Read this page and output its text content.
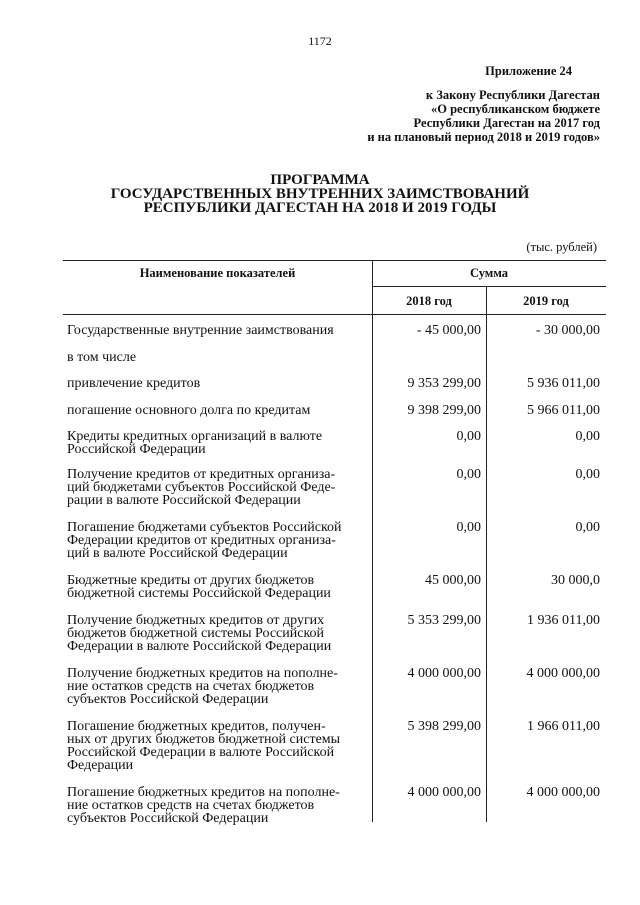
1172
Приложение 24
к Закону Республики Дагестан
«О республиканском бюджете
Республики Дагестан на 2017 год
и на плановый период 2018 и 2019 годов»
ПРОГРАММА
ГОСУДАРСТВЕННЫХ ВНУТРЕННИХ ЗАИМСТВОВАНИЙ
РЕСПУБЛИКИ ДАГЕСТАН НА 2018 И 2019 ГОДЫ
(тыс. рублей)
Наименование показателей	Сумма
2018 год	2019 год
Государственные внутренние заимствования	- 45 000,00	- 30 000,00
в том числе
привлечение кредитов	9 353 299,00	5 936 011,00
погашение основного долга по кредитам	9 398 299,00	5 966 011,00
Кредиты кредитных организаций в валюте
Российской Федерации
0,00	0,00
Получение кредитов от кредитных организа-
ций бюджетами субъектов Российской Феде-
рации в валюте Российской Федерации
0,00	0,00
Погашение бюджетами субъектов Российской
Федерации кредитов от кредитных организа-
ций в валюте Российской Федерации
0,00	0,00
Бюджетные кредиты от других бюджетов
бюджетной системы Российской Федерации
45 000,00	30 000,0
Получение бюджетных кредитов от других
бюджетов бюджетной системы Российской
Федерации в валюте Российской Федерации
5 353 299,00	1 936 011,00
Получение бюджетных кредитов на пополне-
ние остатков средств на счетах бюджетов
субъектов Российской Федерации
4 000 000,00	4 000 000,00
Погашение бюджетных кредитов, получен-
ных от других бюджетов бюджетной системы
Российской Федерации в валюте Российской
Федерации
5 398 299,00	1 966 011,00
Погашение бюджетных кредитов на пополне-
ние остатков средств на счетах бюджетов
субъектов Российской Федерации
4 000 000,00	4 000 000,00
